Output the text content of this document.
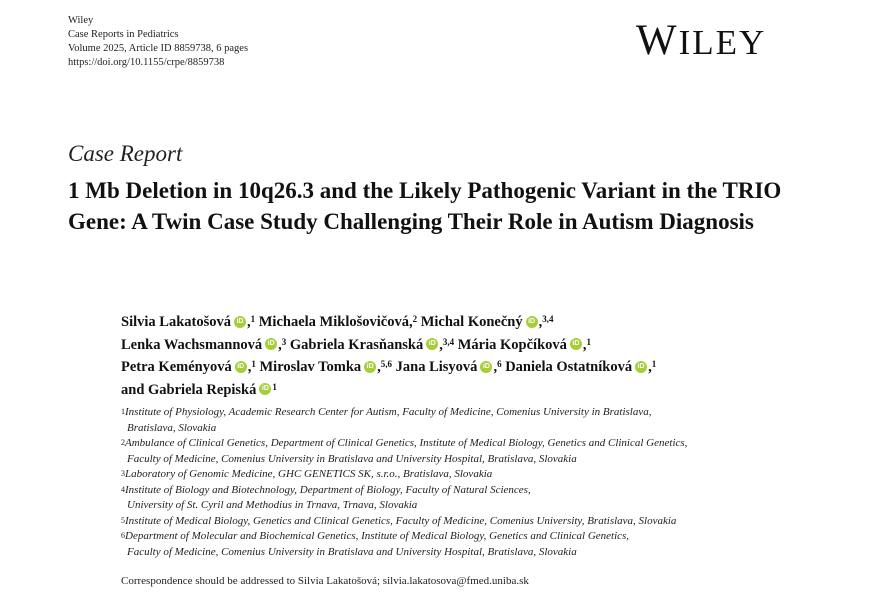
Wiley
Case Reports in Pediatrics
Volume 2025, Article ID 8859738, 6 pages
https://doi.org/10.1155/crpe/8859738	WILEY
Case Report
1 Mb Deletion in 10q26.3 and the Likely Pathogenic Variant in the TRIO Gene: A Twin Case Study Challenging Their Role in Autism Diagnosis
Silvia Lakatošová iD ,$^1$ Michaela Miklošovičová,$^2$ Michal Konečný iD ,$^{3,4}$
Lenka Wachsmannová iD ,$^3$ Gabriela Krasňanská iD ,$^{3,4}$ Mária Kopčíková iD ,$^1$
Petra Keményová iD ,$^1$ Miroslav Tomka iD ,$^{5,6}$ Jana Lisyová iD ,$^6$ Daniela Ostatníková iD ,$^1$
and Gabriela Repiská iD $^1$
$^1$Institute of Physiology, Academic Research Center for Autism, Faculty of Medicine, Comenius University in Bratislava,
Bratislava, Slovakia
$^2$Ambulance of Clinical Genetics, Department of Clinical Genetics, Institute of Medical Biology, Genetics and Clinical Genetics,
Faculty of Medicine, Comenius University in Bratislava and University Hospital, Bratislava, Slovakia
$^3$Laboratory of Genomic Medicine, GHC GENETICS SK, s.r.o., Bratislava, Slovakia
$^4$Institute of Biology and Biotechnology, Department of Biology, Faculty of Natural Sciences,
University of St. Cyril and Methodius in Trnava, Trnava, Slovakia
$^5$Institute of Medical Biology, Genetics and Clinical Genetics, Faculty of Medicine, Comenius University, Bratislava, Slovakia
$^6$Department of Molecular and Biochemical Genetics, Institute of Medical Biology, Genetics and Clinical Genetics,
Faculty of Medicine, Comenius University in Bratislava and University Hospital, Bratislava, Slovakia
Correspondence should be addressed to Silvia Lakatošová; silvia.lakatosova@fmed.uniba.sk
